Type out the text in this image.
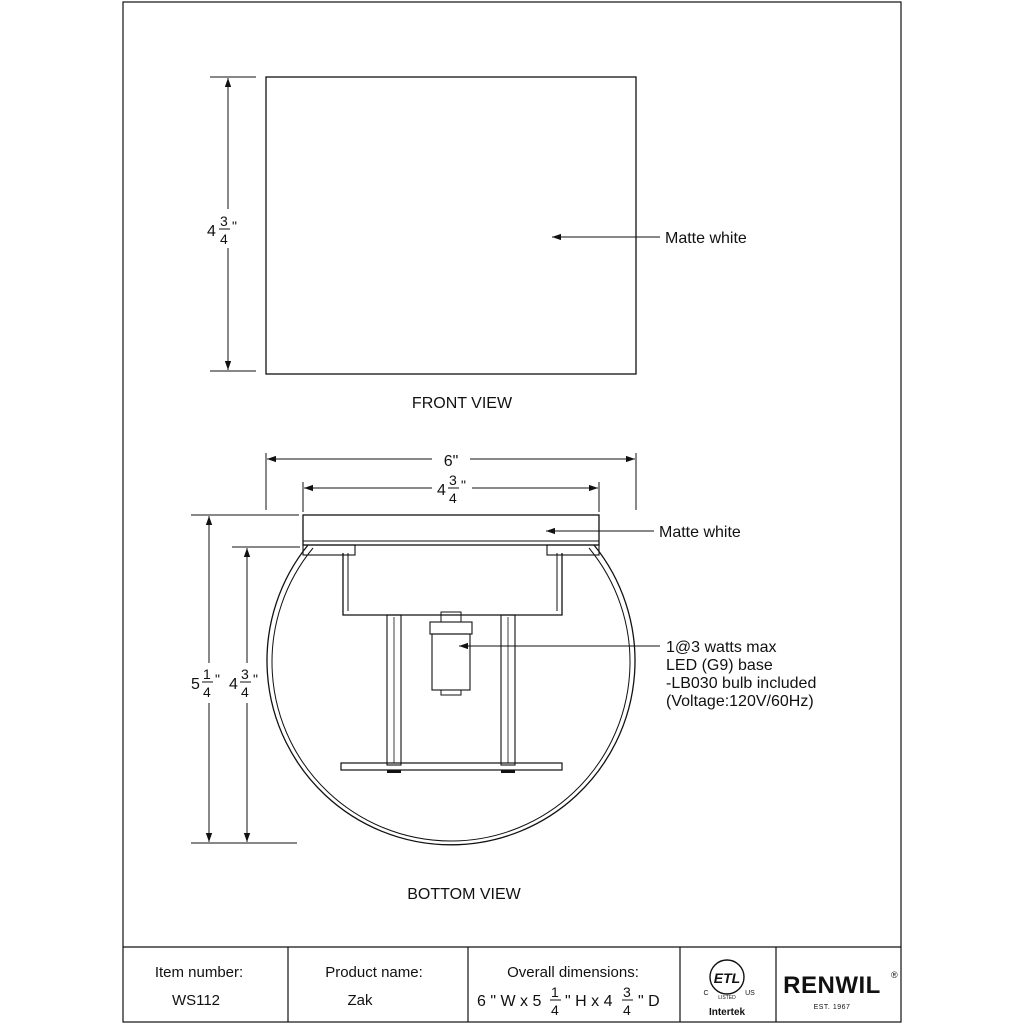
4
3
4
"
Matte white
FRONT VIEW
6"
4
3
4
"
Matte white
1@3 watts max
LED (G9) base
-LB030 bulb included
(Voltage:120V/60Hz)
5
1
4
" 4
3
4
"
BOTTOM VIEW
Item number:
WS112
Product name:
Zak
Overall dimensions:
6 " W x 5
1
4 " H x 4
3
4 " D
ETL
C	US
LISTED
Intertek
RENWIL ®
EST. 1967
